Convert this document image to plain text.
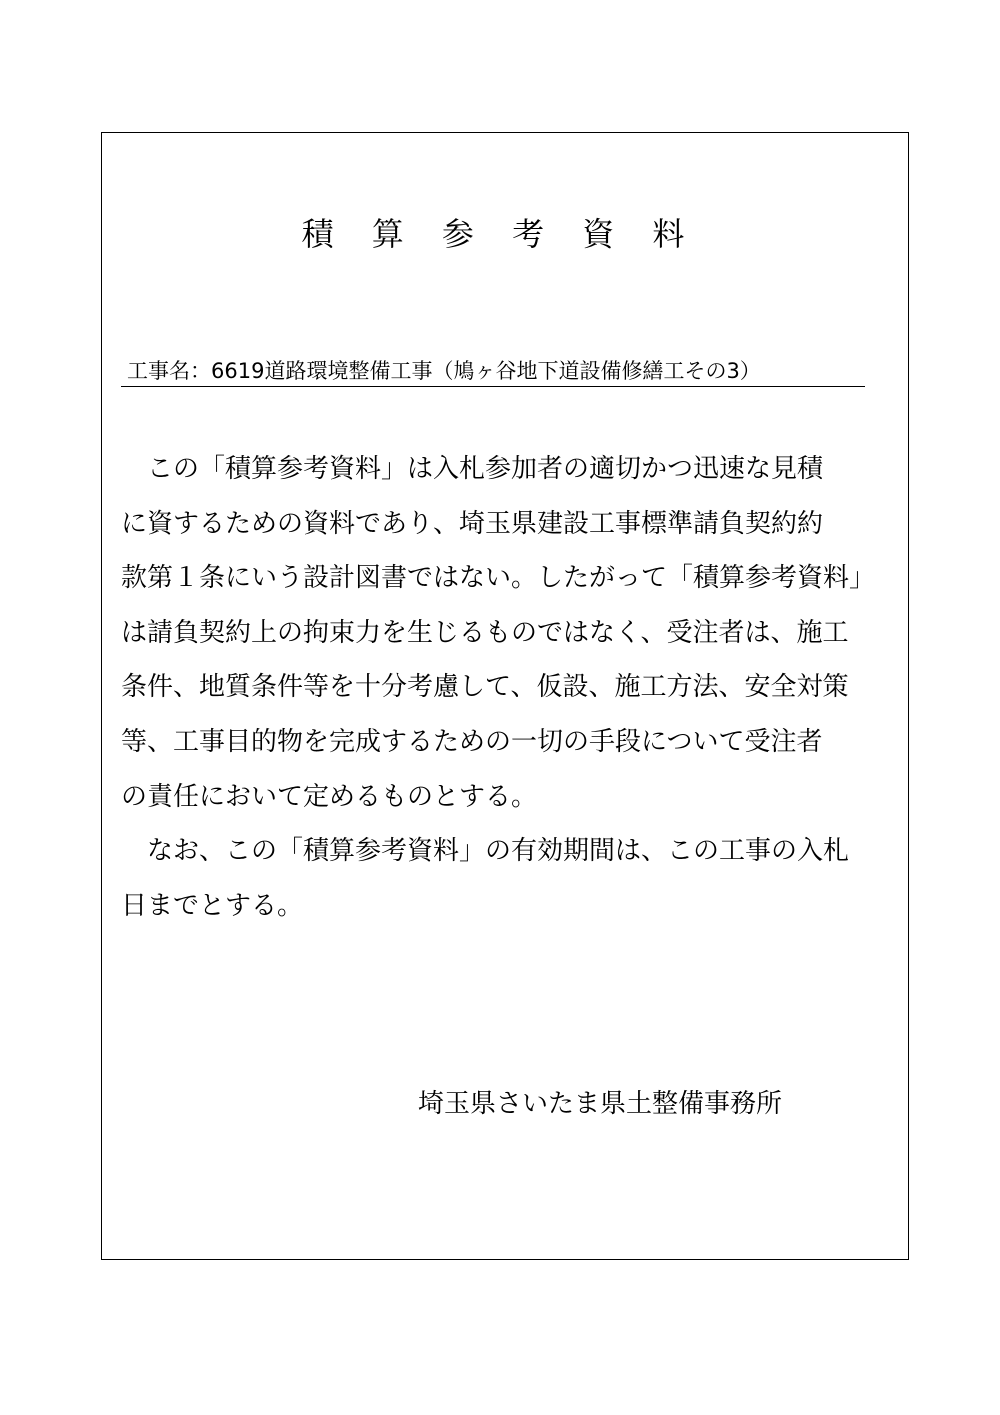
積 算 参 考 資 料
工事名：6619道路環境整備工事（鳩ヶ谷地下道設備修繕工その3）
　この「積算参考資料」は入札参加者の適切かつ迅速な見積
に資するための資料であり、埼玉県建設工事標準請負契約約
款第１条にいう設計図書ではない。したがって「積算参考資料」
は請負契約上の拘束力を生じるものではなく、受注者は、施工
条件、地質条件等を十分考慮して、仮設、施工方法、安全対策
等、工事目的物を完成するための一切の手段について受注者
の責任において定めるものとする。
　なお、この「積算参考資料」の有効期間は、この工事の入札
日までとする。
埼玉県さいたま県土整備事務所
